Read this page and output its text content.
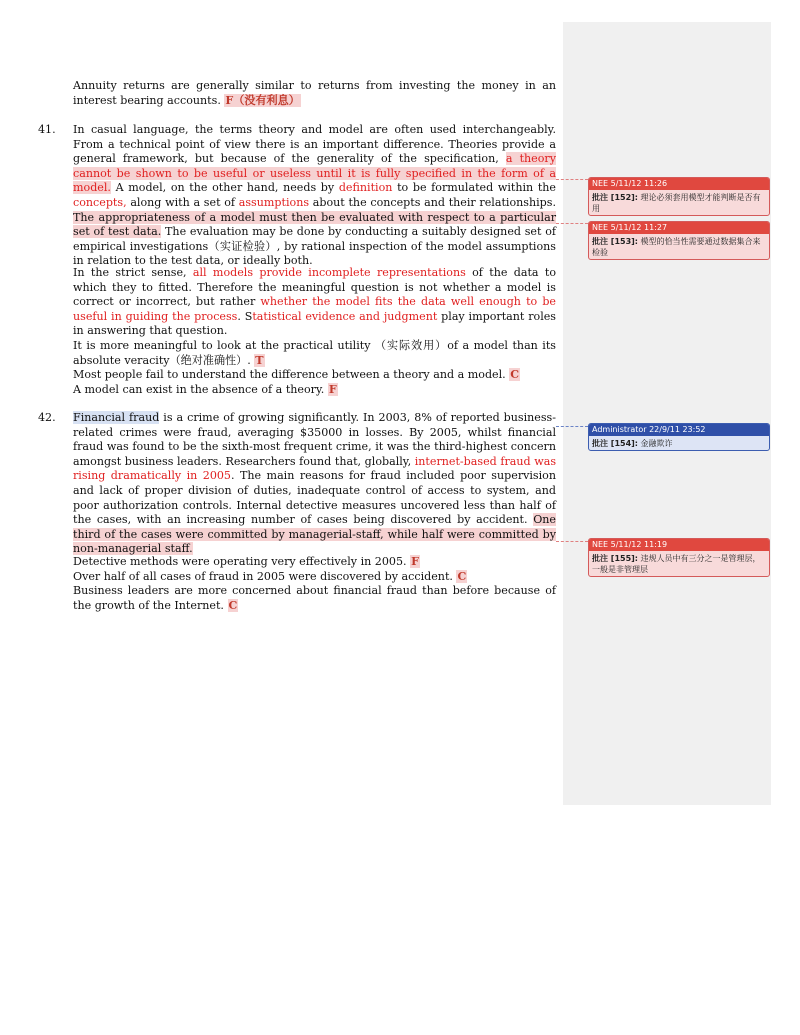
Annuity returns are generally similar to returns from investing the money in an interest bearing accounts. F（没有利息）

41. In casual language, the terms theory and model are often used interchangeably. From a technical point of view there is an important difference. Theories provide a general framework, but because of the generality of the specification, a theory cannot be shown to be useful or useless until it is fully specified in the form of a model. A model, on the other hand, needs by definition to be formulated within the concepts, along with a set of assumptions about the concepts and their relationships. The appropriateness of a model must then be evaluated with respect to a particular set of test data. The evaluation may be done by conducting a suitably designed set of empirical investigations（实证检验）, by rational inspection of the model assumptions in relation to the test data, or ideally both.

In the strict sense, all models provide incomplete representations of the data to which they to fitted. Therefore the meaningful question is not whether a model is correct or incorrect, but rather whether the model fits the data well enough to be useful in guiding the process. Statistical evidence and judgment play important roles in answering that question.

It is more meaningful to look at the practical utility （实际效用）of a model than its absolute veracity（绝对准确性）. T

Most people fail to understand the difference between a theory and a model. C

A model can exist in the absence of a theory. F

42. Financial fraud is a crime of growing significantly. In 2003, 8% of reported business-related crimes were fraud, averaging $35000 in losses. By 2005, whilst financial fraud was found to be the sixth-most frequent crime, it was the third-highest concern amongst business leaders. Researchers found that, globally, internet-based fraud was rising dramatically in 2005. The main reasons for fraud included poor supervision and lack of proper division of duties, inadequate control of access to system, and poor authorization controls. Internal detective measures uncovered less than half of the cases, with an increasing number of cases being discovered by accident. One third of the cases were committed by managerial-staff, while half were committed by non-managerial staff.

Detective methods were operating very effectively in 2005. F

Over half of all cases of fraud in 2005 were discovered by accident. C

Business leaders are more concerned about financial fraud than before because of the growth of the Internet. C

NEE 5/11/12 11:26
批注 [152]: 理论必须套用模型才能判断是否有用
NEE 5/11/12 11:27
批注 [153]: 模型的恰当性需要通过数据集合来检验
Administrator 22/9/11 23:52
批注 [154]: 金融欺诈
NEE 5/11/12 11:19
批注 [155]: 违规人员中有三分之一是管理层，一般是非管理层
